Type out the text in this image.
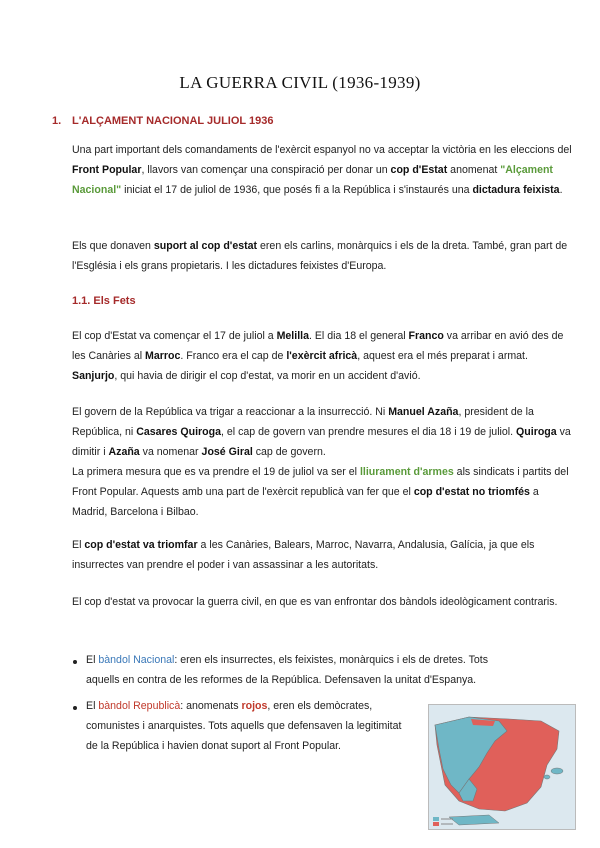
LA GUERRA CIVIL (1936-1939)
1. L'ALÇAMENT NACIONAL JULIOL 1936
Una part important dels comandaments de l'exèrcit espanyol no va acceptar la victòria en les eleccions del Front Popular, llavors van començar una conspiració per donar un cop d'Estat anomenat "Alçament Nacional" iniciat el 17 de juliol de 1936, que posés fi a la República i s'instaurés una dictadura feixista.
Els que donaven suport al cop d'estat eren els carlins, monàrquics i els de la dreta. També, gran part de l'Església i els grans propietaris. I les dictadures feixistes d'Europa.
1.1. Els Fets
El cop d'Estat va començar el 17 de juliol a Melilla. El dia 18 el general Franco va arribar en avió des de les Canàries al Marroc. Franco era el cap de l'exèrcit africà, aquest era el més preparat i armat. Sanjurjo, qui havia de dirigir el cop d'estat, va morir en un accident d'avió.
El govern de la República va trigar a reaccionar a la insurrecció. Ni Manuel Azaña, president de la República, ni Casares Quiroga, el cap de govern van prendre mesures el dia 18 i 19 de juliol. Quiroga va dimitir i Azaña va nomenar José Giral cap de govern.
La primera mesura que es va prendre el 19 de juliol va ser el lliurament d'armes als sindicats i partits del Front Popular. Aquests amb una part de l'exèrcit republicà van fer que el cop d'estat no triomfés a Madrid, Barcelona i Bilbao.
El cop d'estat va triomfar a les Canàries, Balears, Marroc, Navarra, Andalusia, Galícia, ja que els insurrectes van prendre el poder i van assassinar a les autoritats.
El cop d'estat va provocar la guerra civil, en que es van enfrontar dos bàndols ideològicament contraris.
El bàndol Nacional: eren els insurrectes, els feixistes, monàrquics i els de dretes. Tots
aquells en contra de les reformes de la República. Defensaven la unitat d'Espanya.
El bàndol Republicà: anomenats rojos, eren els demòcrates,
comunistes i anarquistes. Tots aquells que defensaven la legitimitat
de la República i havien donat suport al Front Popular.
